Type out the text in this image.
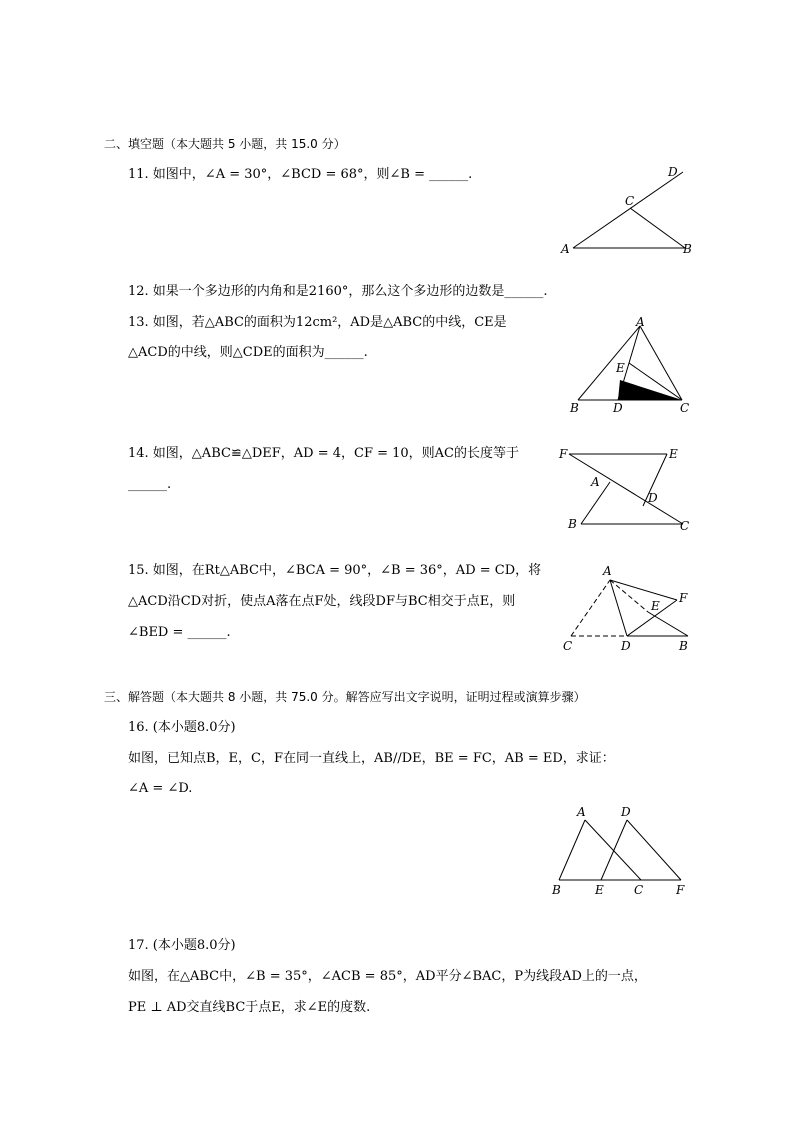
二、填空题（本大题共 5 小题，共 15.0 分）
11. 如图中，∠A = 30°，∠BCD = 68°，则∠B = ______.	D
C
A	B
12. 如果一个多边形的内角和是2160°，那么这个多边形的边数是______.
13. 如图，若△ABC的面积为12cm²，AD是△ABC的中线，CE是
△ACD的中线，则△CDE的面积为______.
A
E
B	D	C
14. 如图，△ABC≌△DEF，AD = 4，CF = 10，则AC的长度等于
______.
F	E
A
D
B	C
15. 如图，在Rt△ABC中，∠BCA = 90°，∠B = 36°，AD = CD，将
△ACD沿CD对折，使点A落在点F处，线段DF与BC相交于点E，则
∠BED = ______.
A
F
E
C	D	B
三、解答题（本大题共 8 小题，共 75.0 分。解答应写出文字说明，证明过程或演算步骤）
16. (本小题8.0分)
如图，已知点B，E，C，F在同一直线上，AB//DE，BE = FC，AB = ED，求证：
∠A = ∠D.
A	D
B	E	C	F
17. (本小题8.0分)
如图，在△ABC中，∠B = 35°，∠ACB = 85°，AD平分∠BAC，P为线段AD上的一点，
PE ⊥ AD交直线BC于点E，求∠E的度数.
